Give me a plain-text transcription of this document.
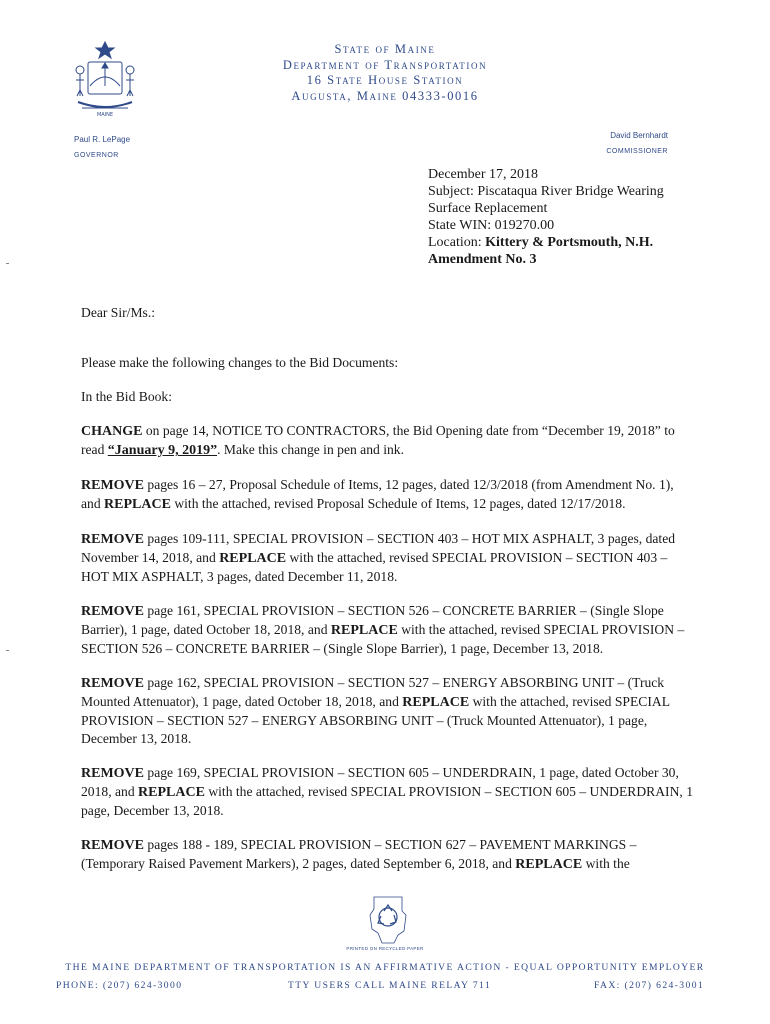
MAINE
State of Maine
Department of Transportation
16 State House Station
Augusta, Maine 04333-0016
Paul R. LePage
GOVERNOR
David Bernhardt
COMMISSIONER
December 17, 2018
Subject: Piscataqua River Bridge Wearing
Surface Replacement
State WIN: 019270.00
Location: Kittery & Portsmouth, N.H.
Amendment No. 3

Dear Sir/Ms.:

Please make the following changes to the Bid Documents:

In the Bid Book:

CHANGE on page 14, NOTICE TO CONTRACTORS, the Bid Opening date from “December 19, 2018” to read “January 9, 2019”. Make this change in pen and ink.

REMOVE pages 16 – 27, Proposal Schedule of Items, 12 pages, dated 12/3/2018 (from Amendment No. 1), and REPLACE with the attached, revised Proposal Schedule of Items, 12 pages, dated 12/17/2018.

REMOVE pages 109-111, SPECIAL PROVISION – SECTION 403 – HOT MIX ASPHALT, 3 pages, dated November 14, 2018, and REPLACE with the attached, revised SPECIAL PROVISION – SECTION 403 – HOT MIX ASPHALT, 3 pages, dated December 11, 2018.

REMOVE page 161, SPECIAL PROVISION – SECTION 526 – CONCRETE BARRIER – (Single Slope Barrier), 1 page, dated October 18, 2018, and REPLACE with the attached, revised SPECIAL PROVISION – SECTION 526 – CONCRETE BARRIER – (Single Slope Barrier), 1 page, December 13, 2018.

REMOVE page 162, SPECIAL PROVISION – SECTION 527 – ENERGY ABSORBING UNIT – (Truck Mounted Attenuator), 1 page, dated October 18, 2018, and REPLACE with the attached, revised SPECIAL PROVISION – SECTION 527 – ENERGY ABSORBING UNIT – (Truck Mounted Attenuator), 1 page, December 13, 2018.

REMOVE page 169, SPECIAL PROVISION – SECTION 605 – UNDERDRAIN, 1 page, dated October 30, 2018, and REPLACE with the attached, revised SPECIAL PROVISION – SECTION 605 – UNDERDRAIN, 1 page, December 13, 2018.

REMOVE pages 188 - 189, SPECIAL PROVISION – SECTION 627 – PAVEMENT MARKINGS – (Temporary Raised Pavement Markers), 2 pages, dated September 6, 2018, and REPLACE with the

PRINTED ON RECYCLED PAPER
THE MAINE DEPARTMENT OF TRANSPORTATION IS AN AFFIRMATIVE ACTION - EQUAL OPPORTUNITY EMPLOYER
PHONE: (207) 624-3000	TTY USERS CALL MAINE RELAY 711	FAX: (207) 624-3001
